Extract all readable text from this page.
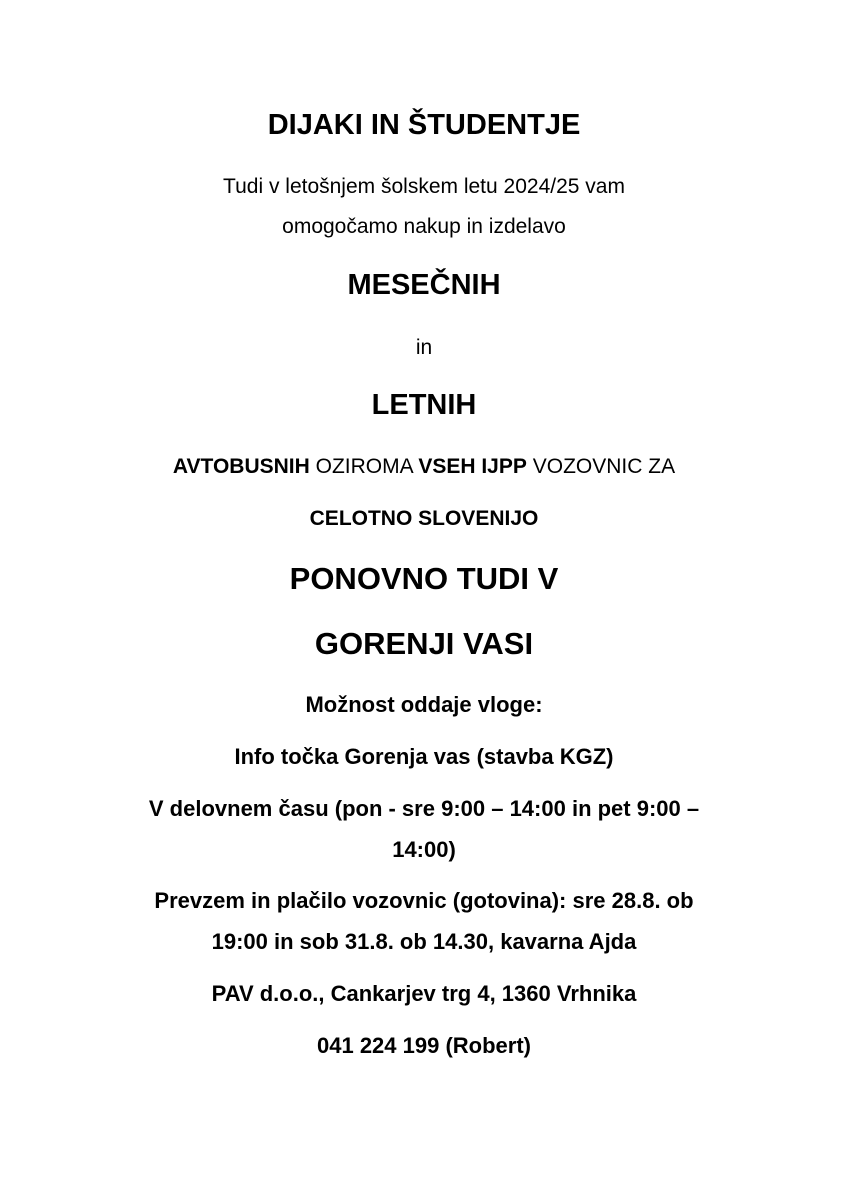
DIJAKI IN ŠTUDENTJE
Tudi v letošnjem šolskem letu 2024/25 vam
omogočamo nakup in izdelavo
MESEČNIH
in
LETNIH
AVTOBUSNIH OZIROMA VSEH IJPP VOZOVNIC ZA
CELOTNO SLOVENIJO
PONOVNO TUDI V
GORENJI VASI
Možnost oddaje vloge:
Info točka Gorenja vas (stavba KGZ)
V delovnem času (pon - sre 9:00 – 14:00 in pet 9:00 –
14:00)
Prevzem in plačilo vozovnic (gotovina): sre 28.8. ob
19:00 in sob 31.8. ob 14.30, kavarna Ajda
PAV d.o.o., Cankarjev trg 4, 1360 Vrhnika
041 224 199 (Robert)
